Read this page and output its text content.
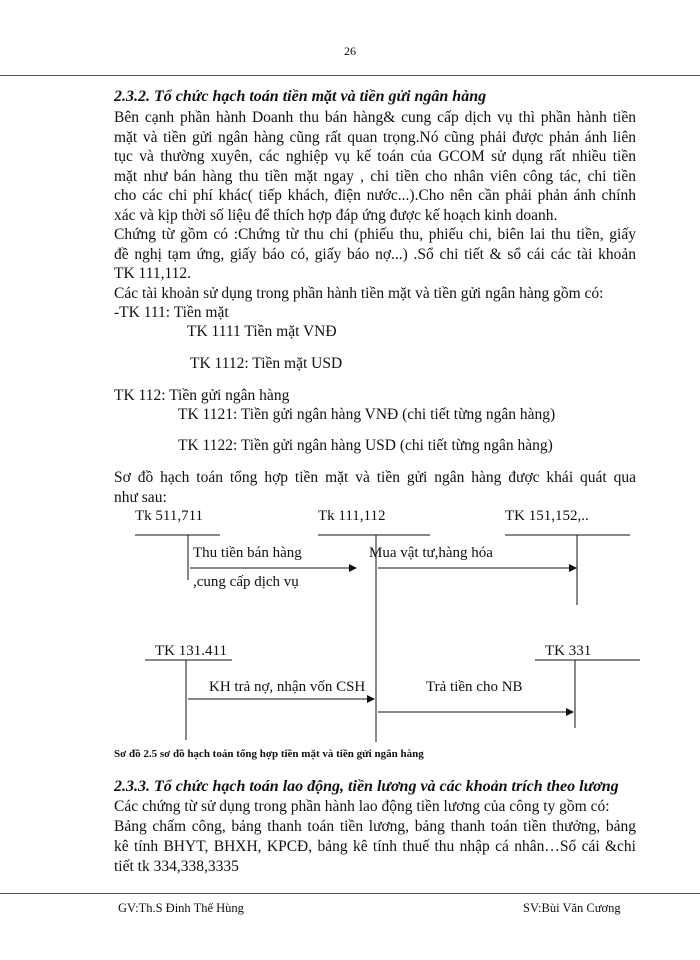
26
2.3.2. Tổ chức hạch toán tiền mặt và tiền gửi ngân hàng
Bên cạnh phần hành Doanh thu bán hàng& cung cấp dịch vụ thì phần hành tiền
mặt và tiền gửi ngân hàng cũng rất quan trọng.Nó cũng phải được phản ánh liên
tục và thường xuyên, các nghiệp vụ kế toán của GCOM sử dụng rất nhiều tiền
mặt như bán hàng thu tiền mặt ngay , chi tiền cho nhân viên công tác, chi tiền
cho các chi phí khác( tiếp khách, điện nước...).Cho nên cần phải phản ánh chính
xác và kịp thời số liệu để thích hợp đáp ứng được kế hoạch kinh doanh.
Chứng từ gồm có :Chứng từ thu chi (phiếu thu, phiếu chi, biên lai thu tiền, giấy
đề nghị tạm ứng, giấy báo có, giấy báo nợ...) .Sổ chi tiết & sổ cái các tài khoản
TK 111,112.
Các tài khoản sử dụng trong phần hành tiền mặt và tiền gửi ngân hàng gồm có:
-TK 111: Tiền mặt
TK 1111 Tiền mặt VNĐ
TK 1112: Tiền mặt USD
TK 112: Tiền gửi ngân hàng
TK 1121: Tiền gửi ngân hàng VNĐ (chi tiết từng ngân hàng)
TK 1122: Tiền gửi ngân hàng USD (chi tiết từng ngân hàng)
Sơ đồ hạch toán tổng hợp tiền mặt và tiền gửi ngân hàng được khái quát qua
như sau:
Tk 511,711	Tk 111,112	TK 151,152,..
TK 131.411	TK 331
Thu tiền bán hàng
,cung cấp dịch vụ
Mua vật tư,hàng hóa
KH trả nợ, nhận vốn CSH	Trả tiền cho NB
Sơ đồ 2.5 sơ đồ hạch toán tổng hợp tiền mặt và tiền gửi ngân hàng
2.3.3. Tổ chức hạch toán lao động, tiền lương và các khoản trích theo lương
Các chứng từ sử dụng trong phần hành lao động tiền lương của công ty gồm có:
Bảng chấm công, bảng thanh toán tiền lương, bảng thanh toán tiền thưởng, bảng
kê tính BHYT, BHXH, KPCĐ, bảng kê tính thuế thu nhập cá nhân…Sổ cái &chi
tiết tk 334,338,3335
GV:Th.S Đinh Thế Hùng	SV:Bùi Văn Cương
